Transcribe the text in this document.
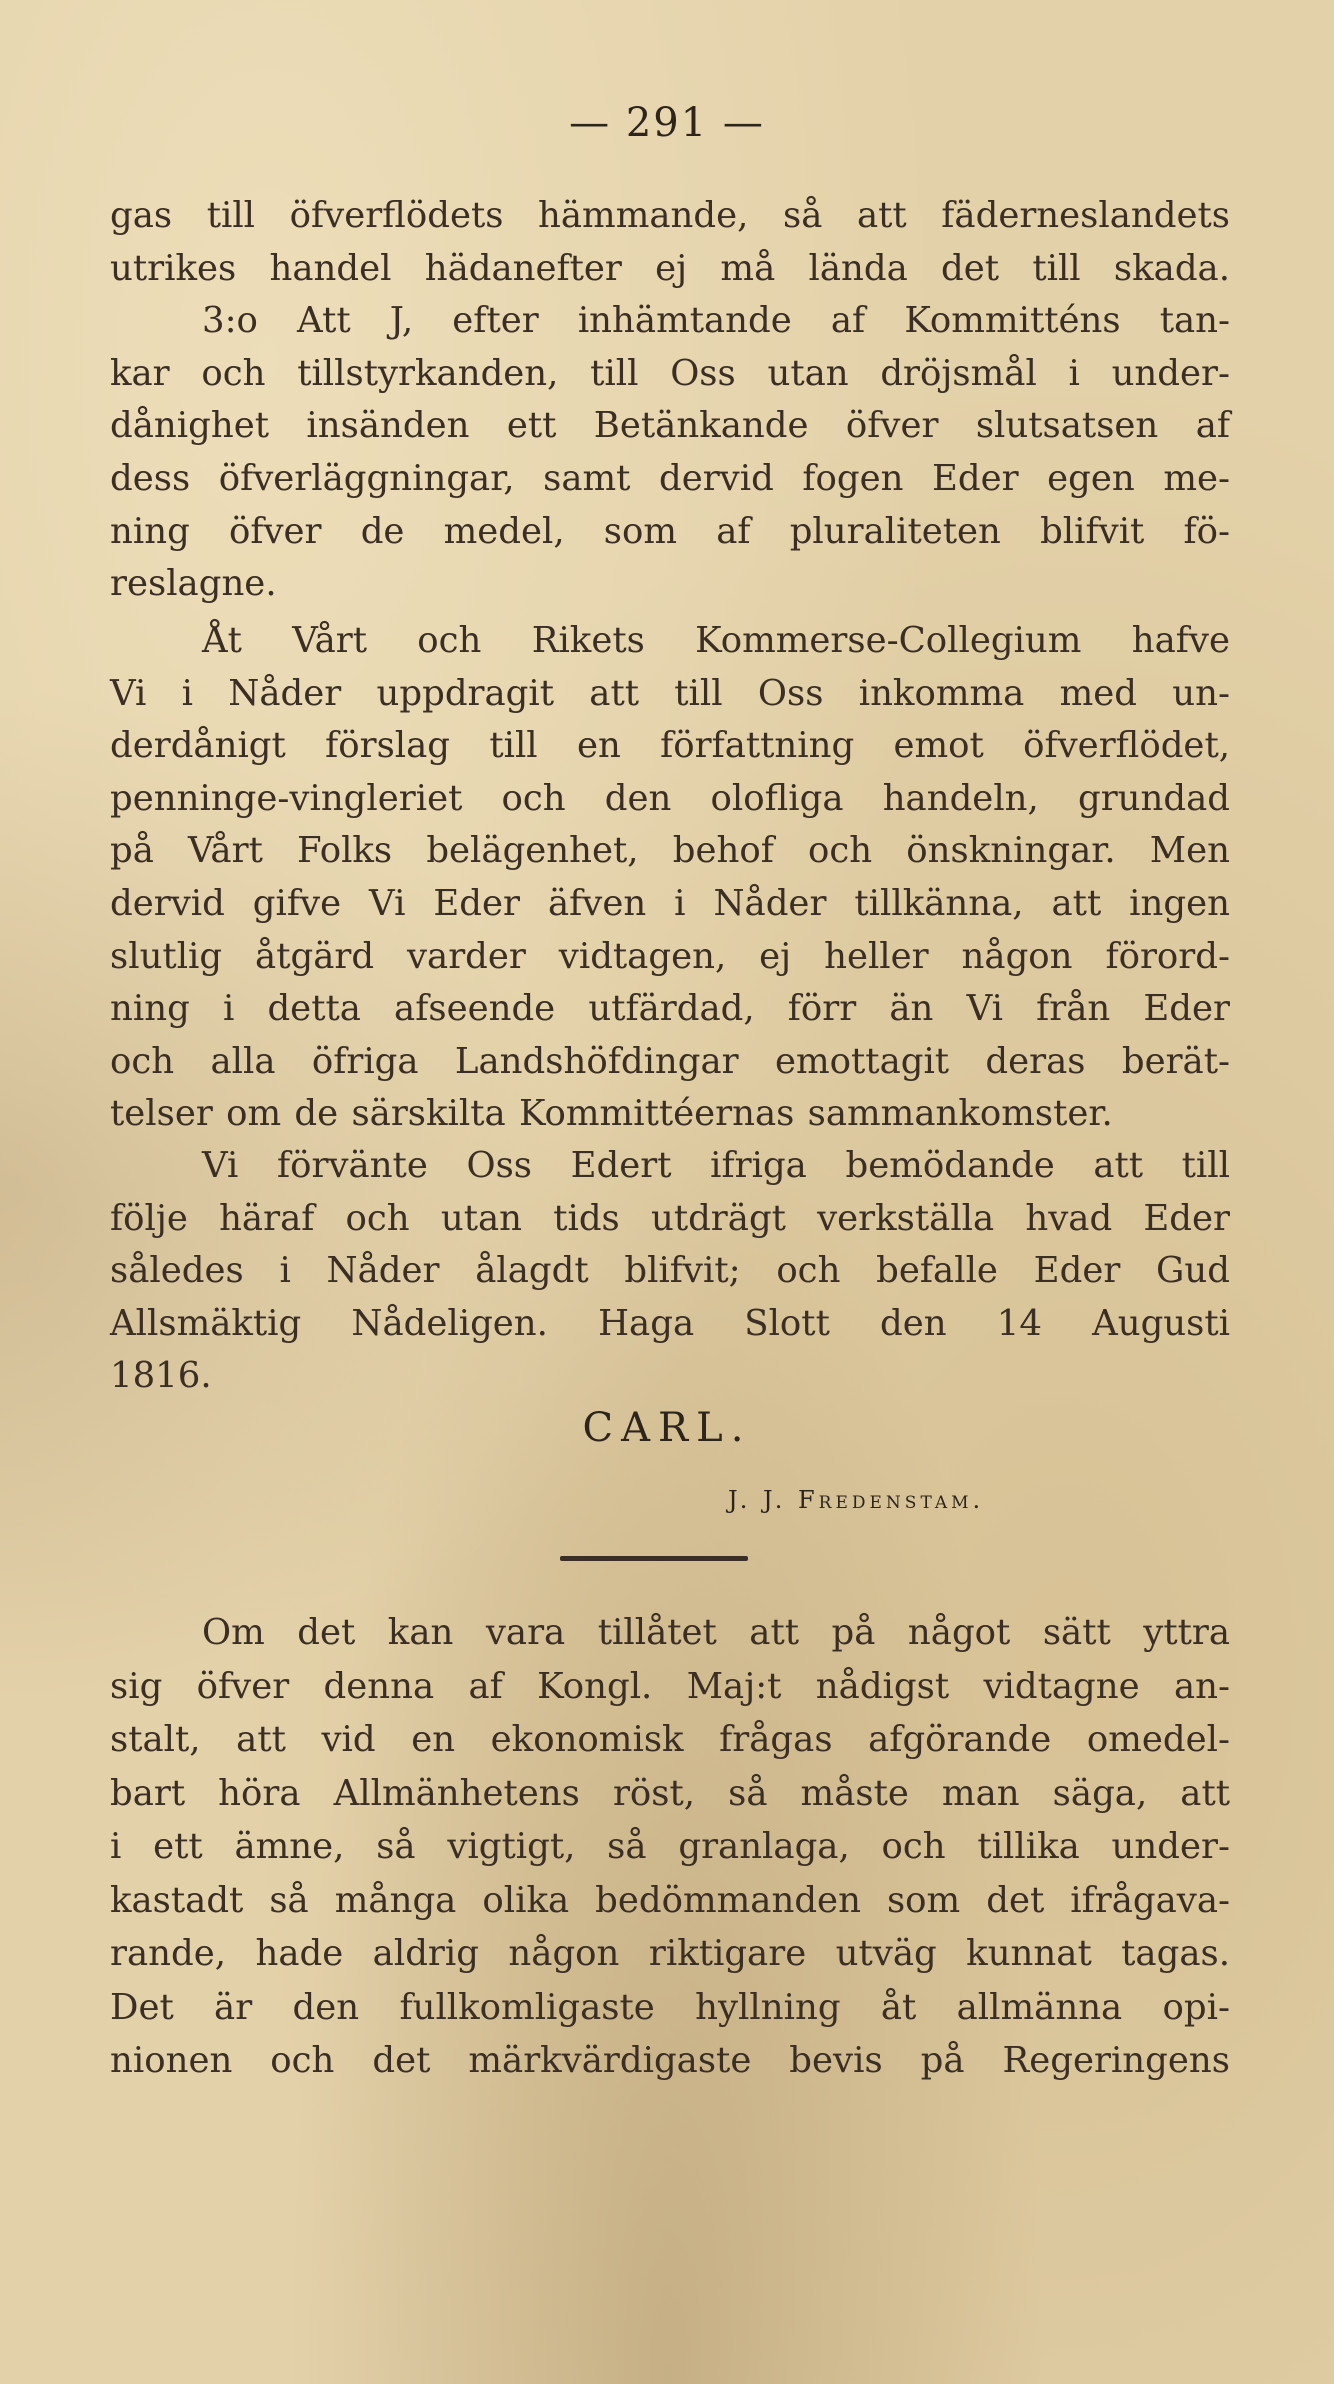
— 291 —
gas till öfverflödets hämmande, så att fäderneslandets
utrikes handel hädanefter ej må lända det till skada.
3:o Att J, efter inhämtande af Kommitténs tan-
kar och tillstyrkanden, till Oss utan dröjsmål i under-
dånighet insänden ett Betänkande öfver slutsatsen af
dess öfverläggningar, samt dervid fogen Eder egen me-
ning öfver de medel, som af pluraliteten blifvit fö-
reslagne.
Åt Vårt och Rikets Kommerse-Collegium hafve
Vi i Nåder uppdragit att till Oss inkomma med un-
derdånigt förslag till en författning emot öfverflödet,
penninge-vingleriet och den olofliga handeln, grundad
på Vårt Folks belägenhet, behof och önskningar. Men
dervid gifve Vi Eder äfven i Nåder tillkänna, att ingen
slutlig åtgärd varder vidtagen, ej heller någon förord-
ning i detta afseende utfärdad, förr än Vi från Eder
och alla öfriga Landshöfdingar emottagit deras berät-
telser om de särskilta Kommittéernas sammankomster.
Vi förvänte Oss Edert ifriga bemödande att till
följe häraf och utan tids utdrägt verkställa hvad Eder
således i Nåder ålagdt blifvit; och befalle Eder Gud
Allsmäktig Nådeligen. Haga Slott den 14 Augusti
1816.
CARL.
J. J. Fredenstam.
Om det kan vara tillåtet att på något sätt yttra
sig öfver denna af Kongl. Maj:t nådigst vidtagne an-
stalt, att vid en ekonomisk frågas afgörande omedel-
bart höra Allmänhetens röst, så måste man säga, att
i ett ämne, så vigtigt, så granlaga, och tillika under-
kastadt så många olika bedömmanden som det ifrågava-
rande, hade aldrig någon riktigare utväg kunnat tagas.
Det är den fullkomligaste hyllning åt allmänna opi-
nionen och det märkvärdigaste bevis på Regeringens
